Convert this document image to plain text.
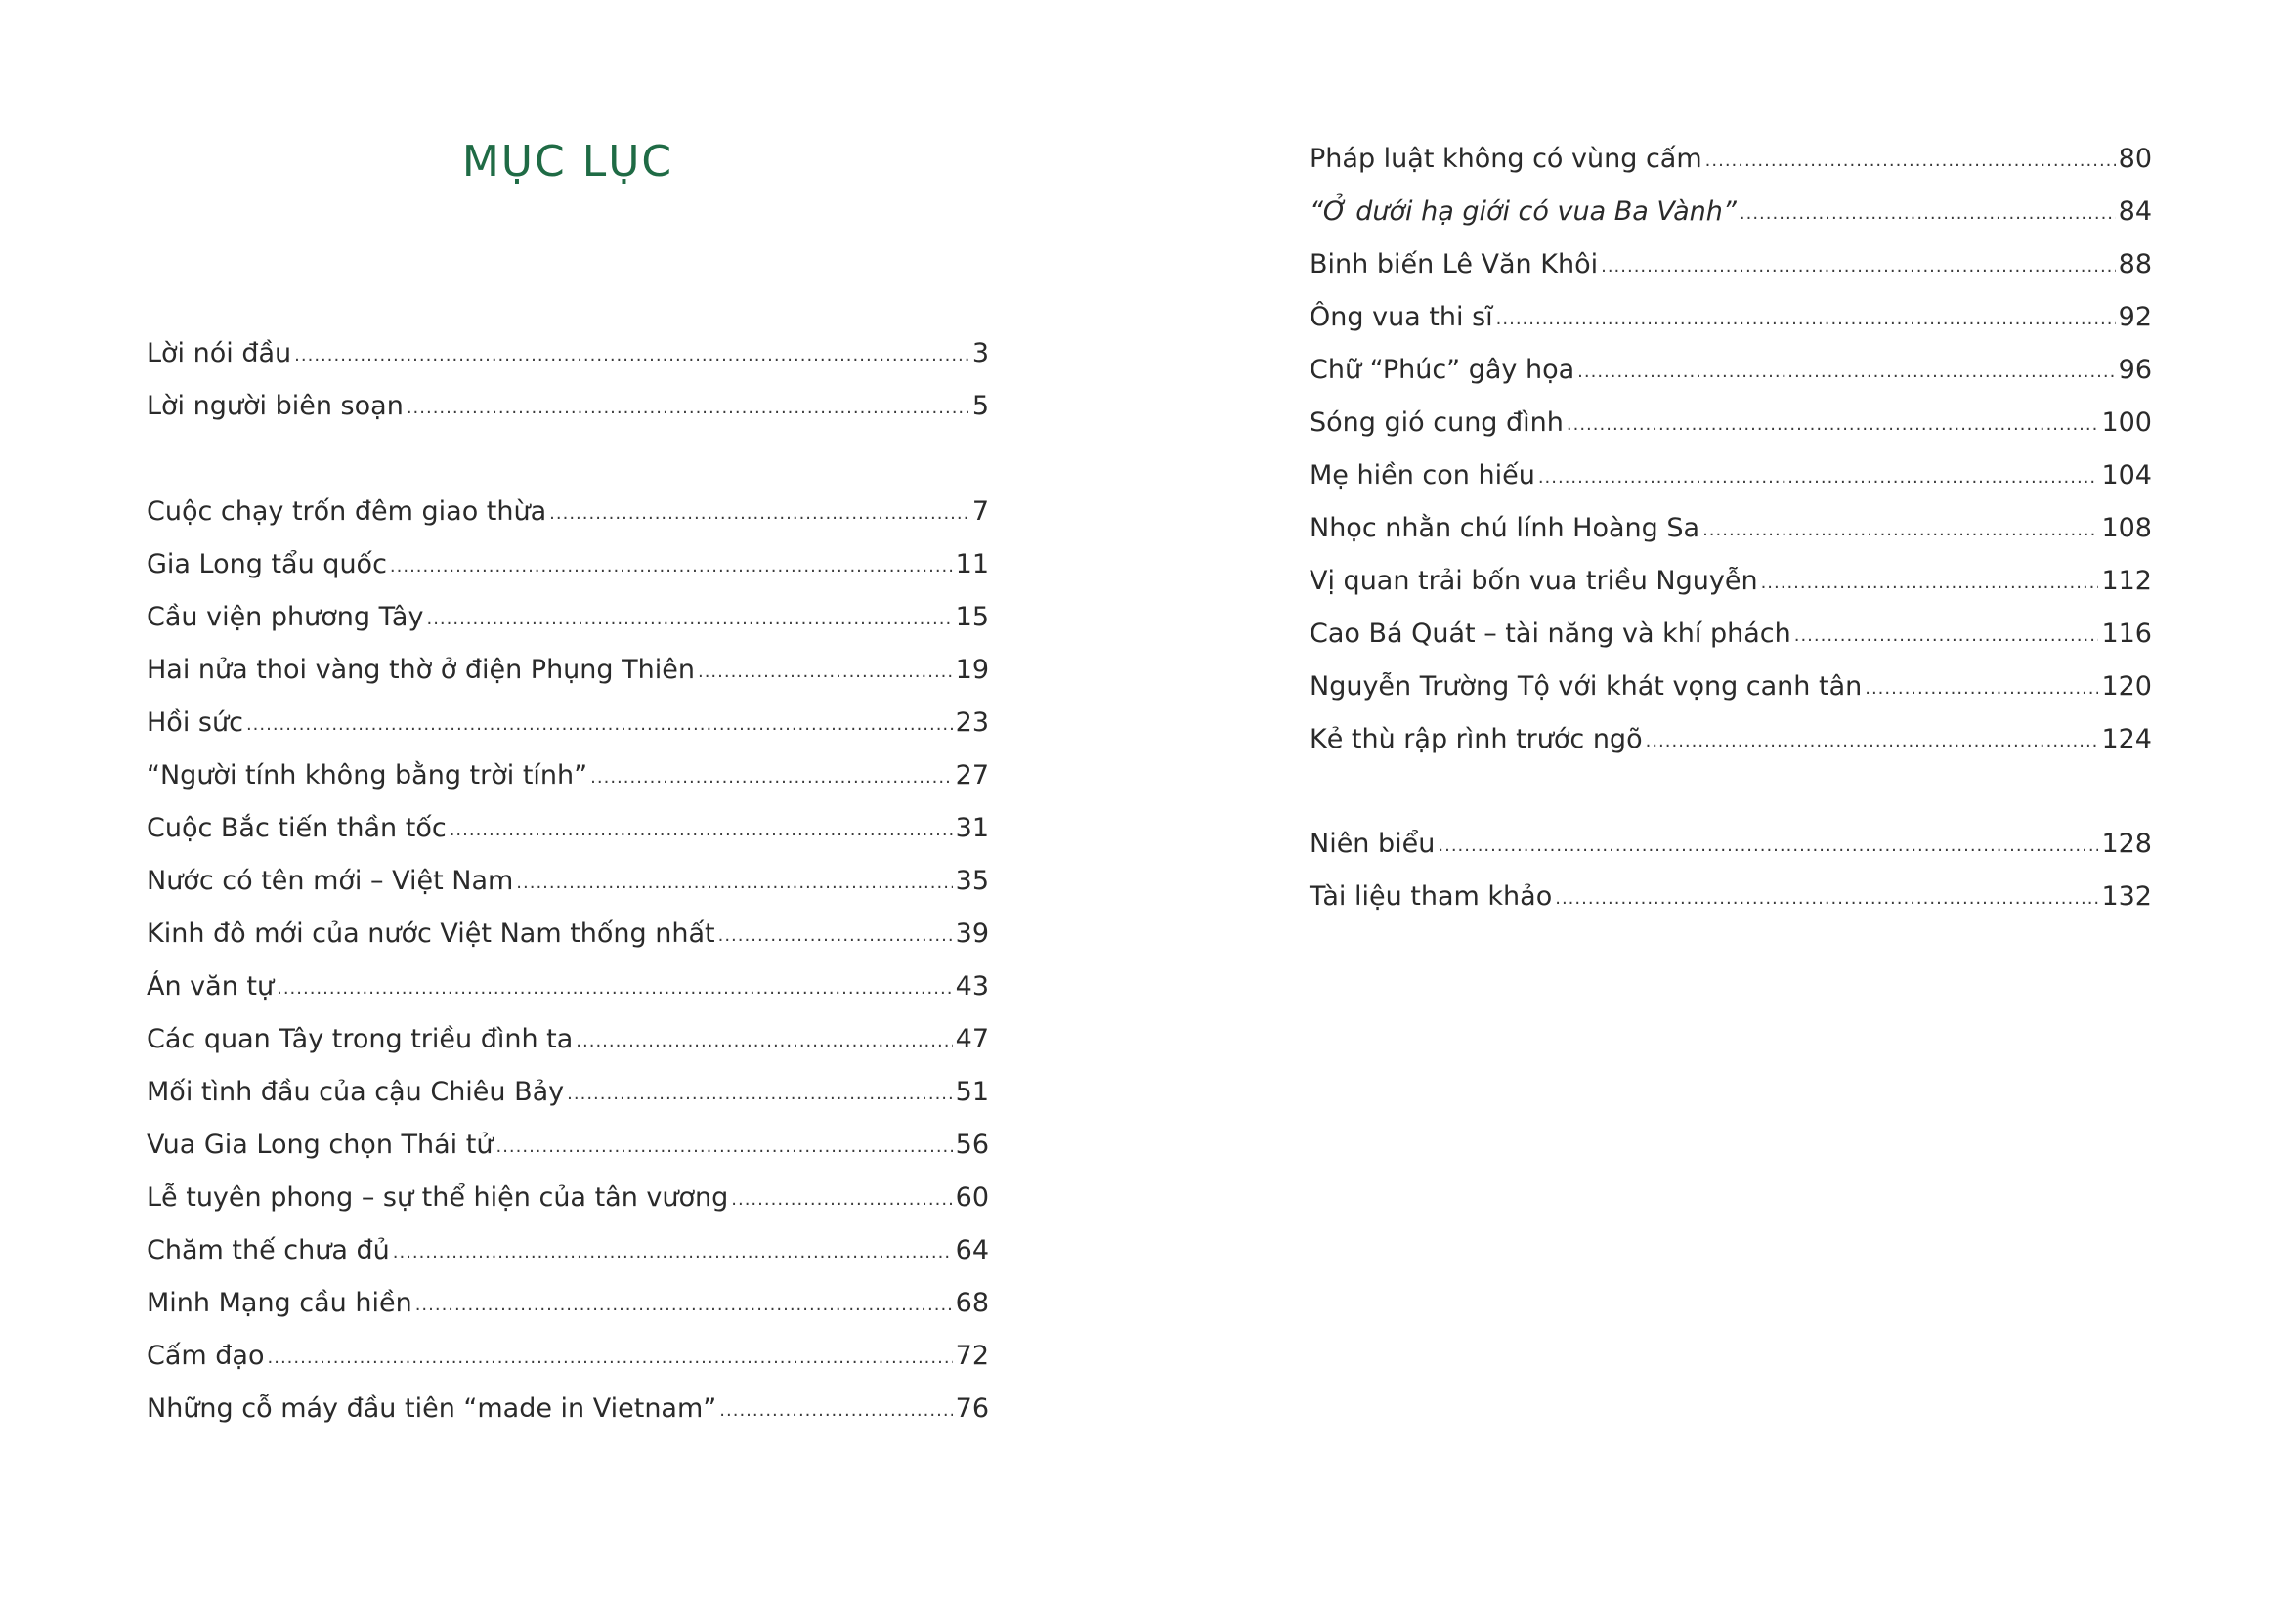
MỤC LỤC
Lời nói đầu .....	3
Lời người biên soạn .....	5
Cuộc chạy trốn đêm giao thừa .....	7
Gia Long tẩu quốc .....	11
Cầu viện phương Tây .....	15
Hai nửa thoi vàng thờ ở điện Phụng Thiên .....	19
Hồi sức .....	23
“Người tính không bằng trời tính” .....	27
Cuộc Bắc tiến thần tốc .....	31
Nước có tên mới – Việt Nam .....	35
Kinh đô mới của nước Việt Nam thống nhất .....	39
Án văn tự .....	43
Các quan Tây trong triều đình ta .....	47
Mối tình đầu của cậu Chiêu Bảy .....	51
Vua Gia Long chọn Thái tử .....	56
Lễ tuyên phong – sự thể hiện của tân vương .....	60
Chăm thế chưa đủ .....	64
Minh Mạng cầu hiền .....	68
Cấm đạo .....	72
Những cỗ máy đầu tiên “made in Vietnam” .....	76
Pháp luật không có vùng cấm .....	80
“Ở dưới hạ giới có vua Ba Vành” .....	84
Binh biến Lê Văn Khôi .....	88
Ông vua thi sĩ .....	92
Chữ “Phúc” gây họa .....	96
Sóng gió cung đình .....	100
Mẹ hiền con hiếu .....	104
Nhọc nhằn chú lính Hoàng Sa .....	108
Vị quan trải bốn vua triều Nguyễn .....	112
Cao Bá Quát – tài năng và khí phách .....	116
Nguyễn Trường Tộ với khát vọng canh tân .....	120
Kẻ thù rập rình trước ngõ .....	124
Niên biểu .....	128
Tài liệu tham khảo .....	132
